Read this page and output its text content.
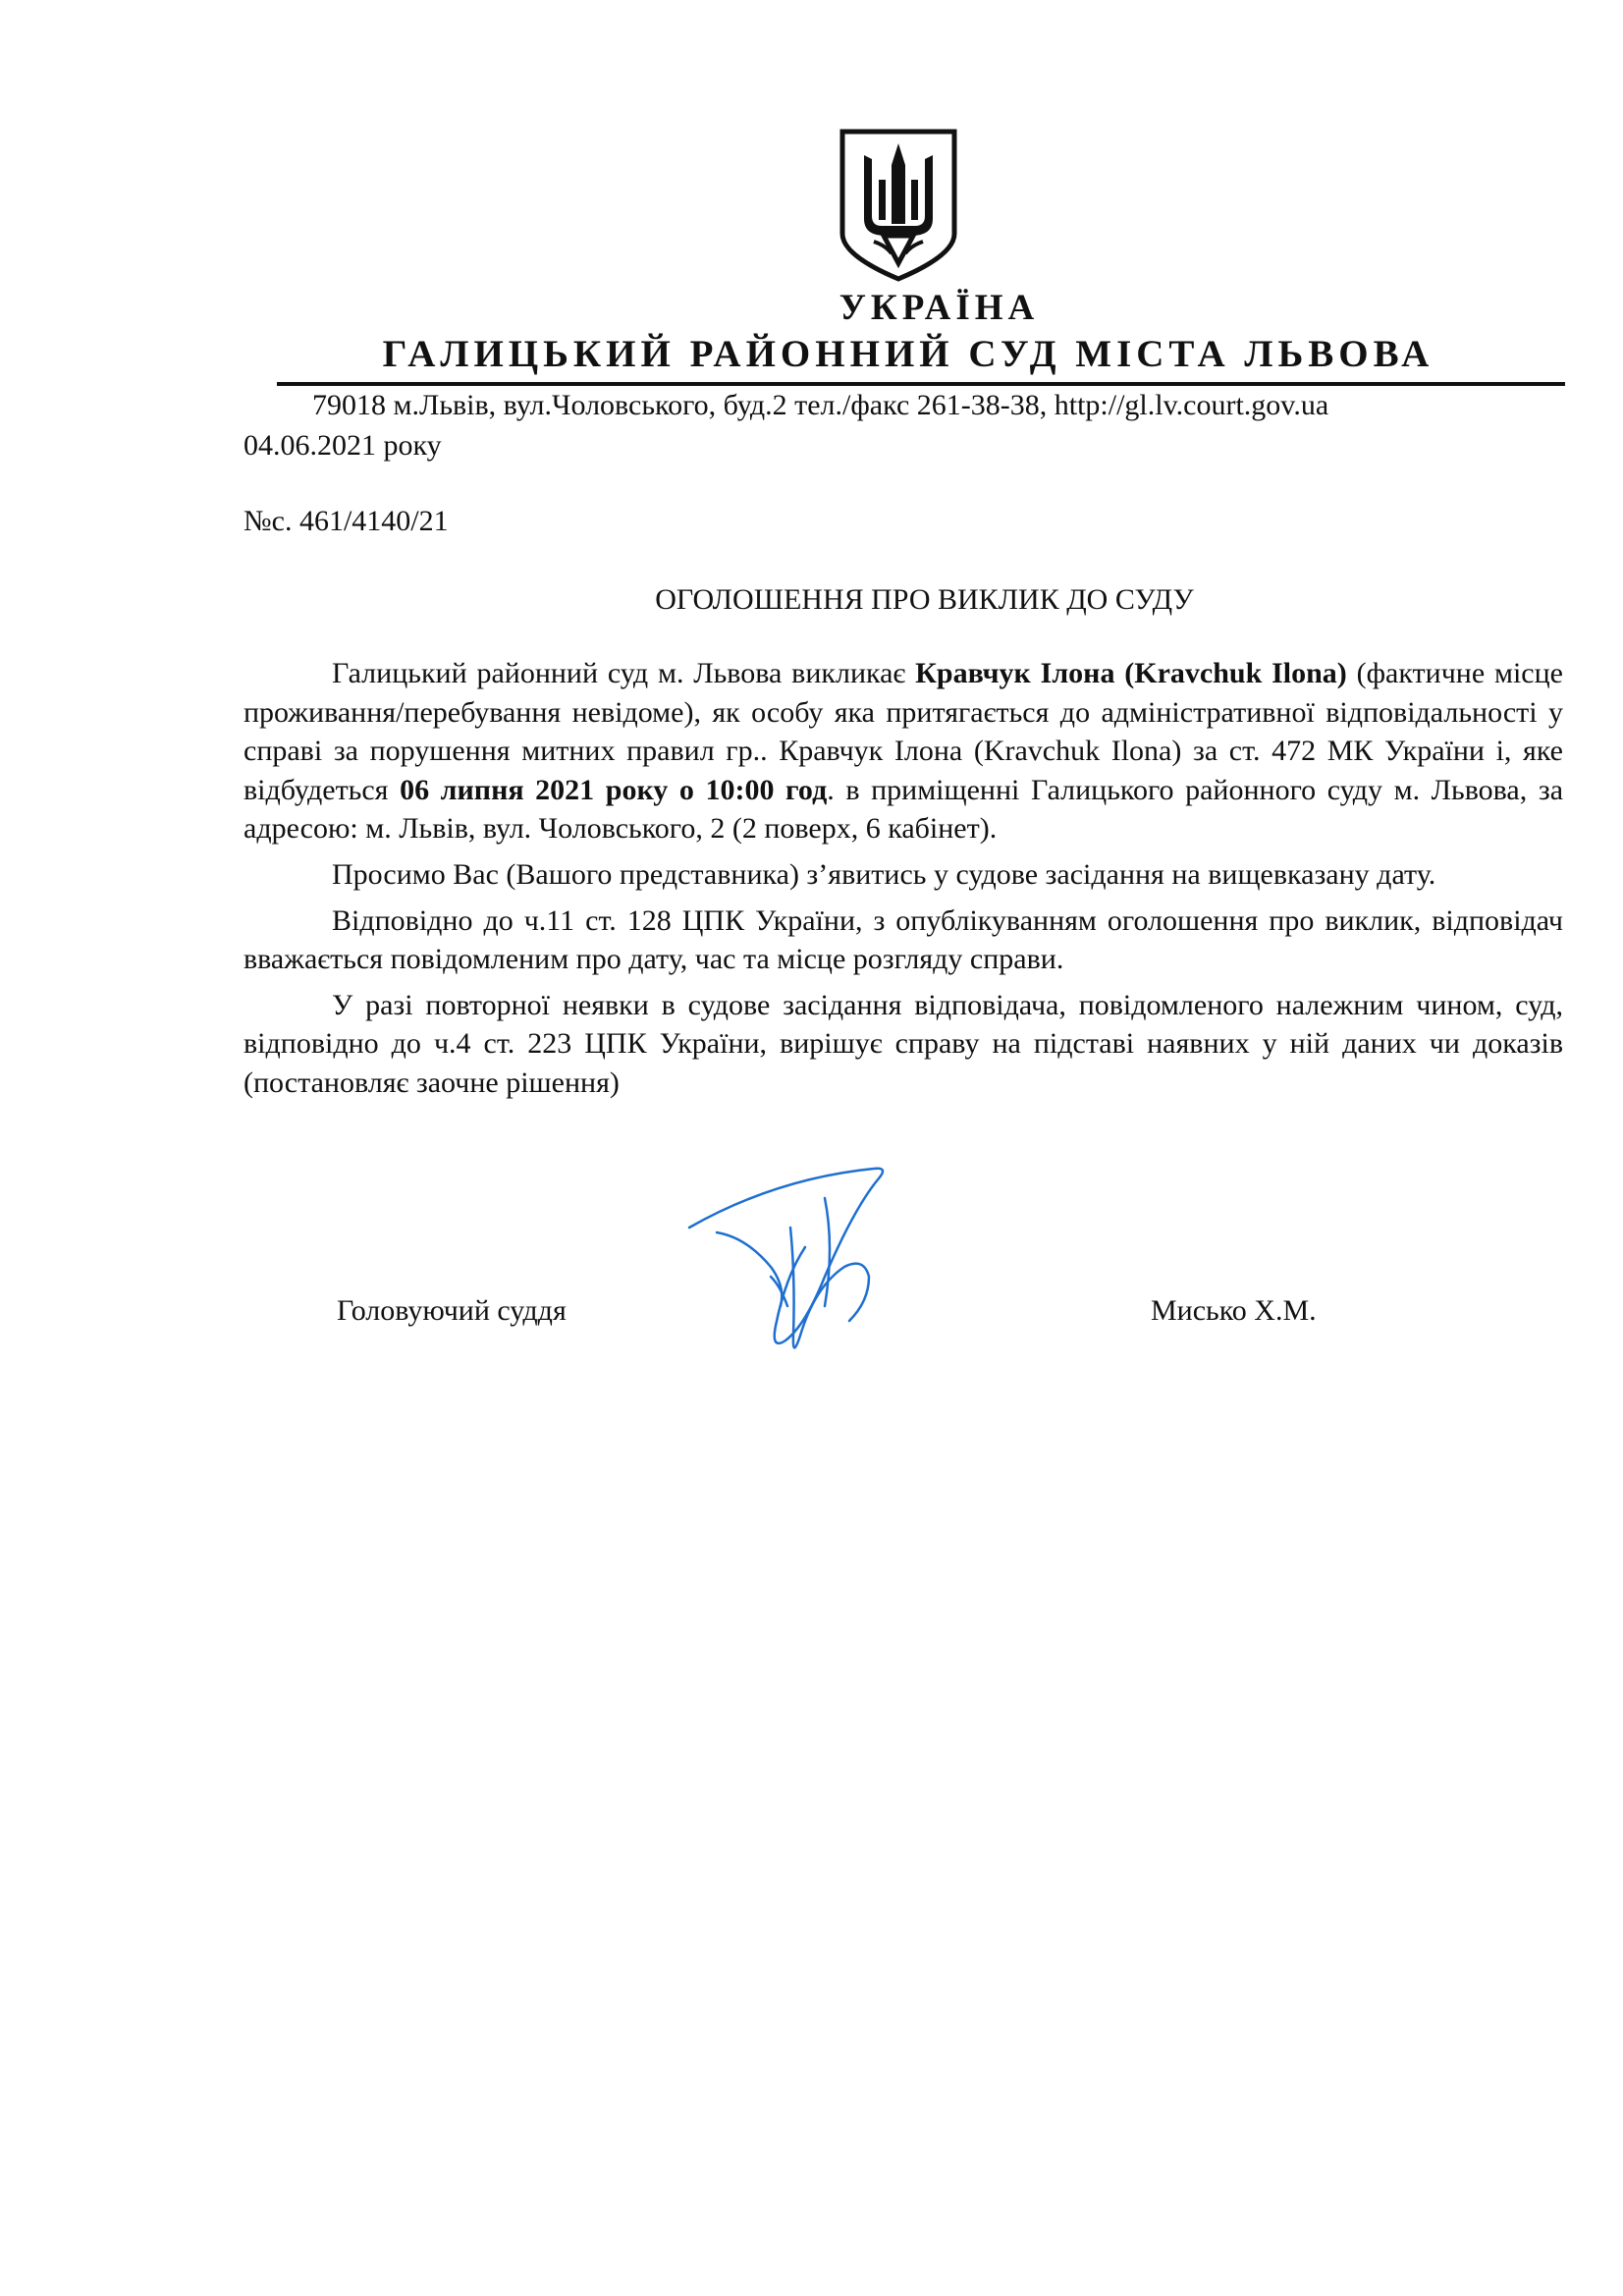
УКРАЇНА
ГАЛИЦЬКИЙ РАЙОННИЙ СУД МІСТА ЛЬВОВА
79018 м.Львів, вул.Чоловського, буд.2 тел./факс 261-38-38, http://gl.lv.court.gov.ua
04.06.2021 року
№с. 461/4140/21
ОГОЛОШЕННЯ ПРО ВИКЛИК ДО СУДУ

Галицький районний суд м. Львова викликає Кравчук Ілона (Kravchuk Ilona) (фактичне місце проживання/перебування невідоме), як особу яка притягається до адміністративної відповідальності у справі за порушення митних правил гр.. Кравчук Ілона (Kravchuk Ilona) за ст. 472 МК України і, яке відбудеться 06 липня 2021 року о 10:00 год. в приміщенні Галицького районного суду м. Львова, за адресою: м. Львів, вул. Чоловського, 2 (2 поверх, 6 кабінет).

Просимо Вас (Вашого представника) з’явитись у судове засідання на вищевказану дату.

Відповідно до ч.11 ст. 128 ЦПК України, з опублікуванням оголошення про виклик, відповідач вважається повідомленим про дату, час та місце розгляду справи.

У разі повторної неявки в судове засідання відповідача, повідомленого належним чином, суд, відповідно до ч.4 ст. 223 ЦПК України, вирішує справу на підставі наявних у ній даних чи доказів (постановляє заочне рішення)

Головуючий суддя	Мисько Х.М.
